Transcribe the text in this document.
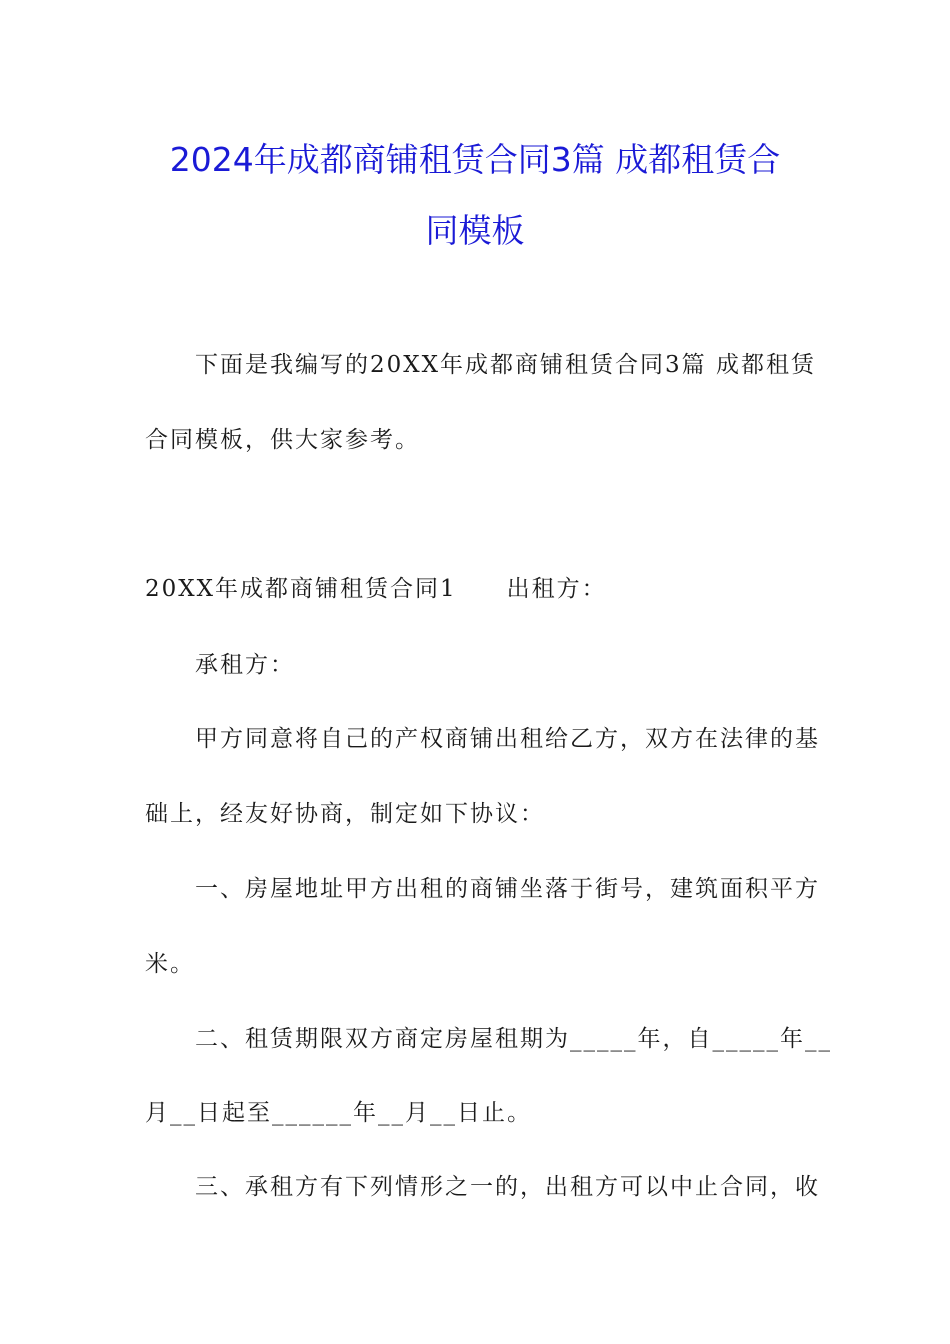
2024年成都商铺租赁合同3篇 成都租赁合
同模板
下面是我编写的20XX年成都商铺租赁合同3篇 成都租赁
合同模板，供大家参考。
20XX年成都商铺租赁合同1　　出租方：
承租方：
甲方同意将自己的产权商铺出租给乙方，双方在法律的基
础上，经友好协商，制定如下协议：
一、房屋地址甲方出租的商铺坐落于街号，建筑面积平方
米。
二、租赁期限双方商定房屋租期为_____年，自_____年__
月__日起至______年__月__日止。
三、承租方有下列情形之一的，出租方可以中止合同，收
